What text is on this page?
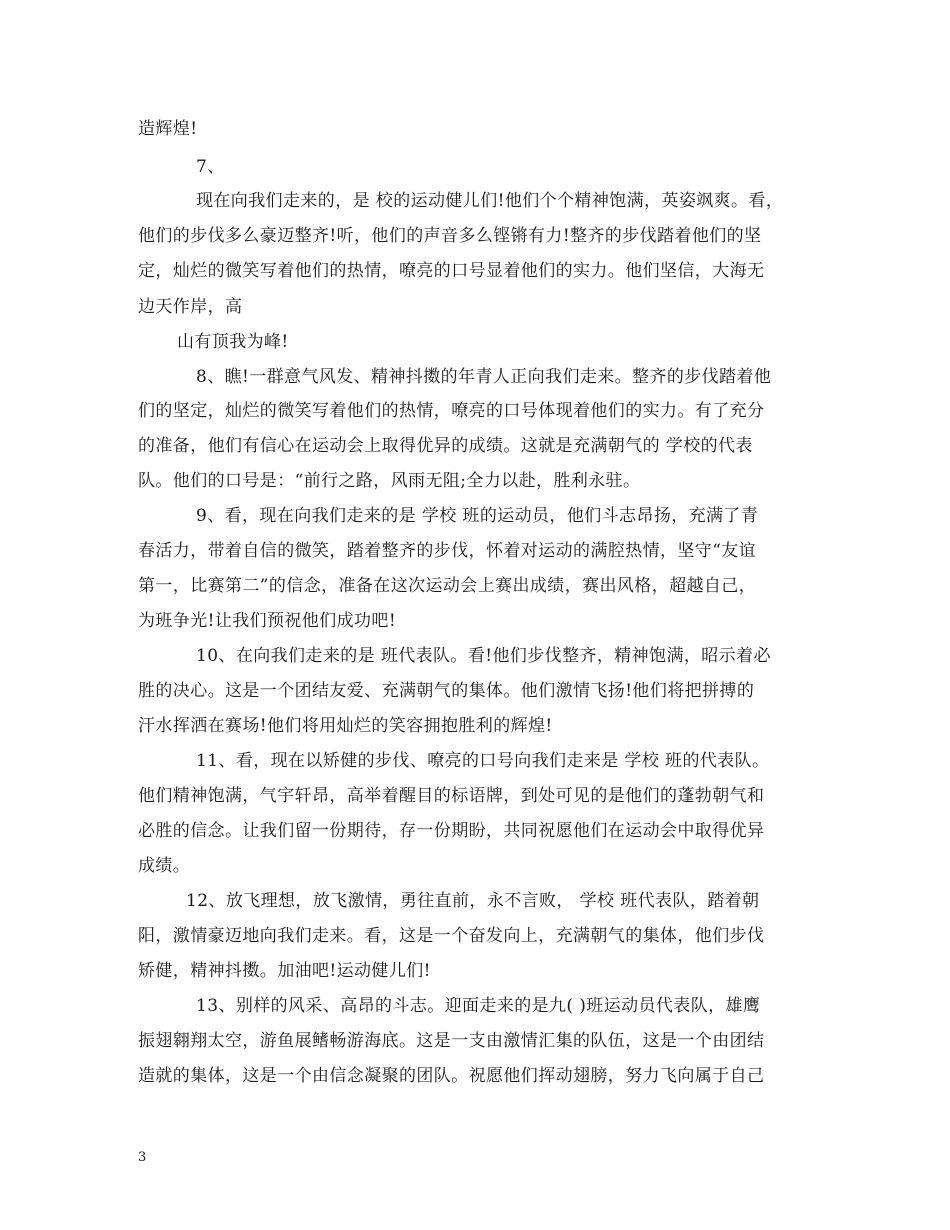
造辉煌!
7、
现在向我们走来的，是 校的运动健儿们!他们个个精神饱满，英姿飒爽。看，
他们的步伐多么豪迈整齐!听，他们的声音多么铿锵有力!整齐的步伐踏着他们的坚
定，灿烂的微笑写着他们的热情，嘹亮的口号显着他们的实力。他们坚信，大海无
边天作岸，高
山有顶我为峰!
8、瞧!一群意气风发、精神抖擞的年青人正向我们走来。整齐的步伐踏着他
们的坚定，灿烂的微笑写着他们的热情，嘹亮的口号体现着他们的实力。有了充分
的准备，他们有信心在运动会上取得优异的成绩。这就是充满朝气的 学校的代表
队。他们的口号是：“前行之路，风雨无阻;全力以赴，胜利永驻。
9、看，现在向我们走来的是 学校 班的运动员，他们斗志昂扬，充满了青
春活力，带着自信的微笑，踏着整齐的步伐，怀着对运动的满腔热情，坚守“友谊
第一，比赛第二”的信念，准备在这次运动会上赛出成绩，赛出风格，超越自己，
为班争光!让我们预祝他们成功吧!
10、在向我们走来的是 班代表队。看!他们步伐整齐，精神饱满，昭示着必
胜的决心。这是一个团结友爱、充满朝气的集体。他们激情飞扬!他们将把拼搏的
汗水挥洒在赛场!他们将用灿烂的笑容拥抱胜利的辉煌!
11、看，现在以矫健的步伐、嘹亮的口号向我们走来是 学校 班的代表队。
他们精神饱满，气宇轩昂，高举着醒目的标语牌，到处可见的是他们的蓬勃朝气和
必胜的信念。让我们留一份期待，存一份期盼，共同祝愿他们在运动会中取得优异
成绩。
12、放飞理想，放飞激情，勇往直前，永不言败， 学校 班代表队，踏着朝
阳，激情豪迈地向我们走来。看，这是一个奋发向上，充满朝气的集体，他们步伐
矫健，精神抖擞。加油吧!运动健儿们!
13、别样的风采、高昂的斗志。迎面走来的是九( )班运动员代表队，雄鹰
振翅翱翔太空，游鱼展鳍畅游海底。这是一支由激情汇集的队伍，这是一个由团结
造就的集体，这是一个由信念凝聚的团队。祝愿他们挥动翅膀，努力飞向属于自己
3
